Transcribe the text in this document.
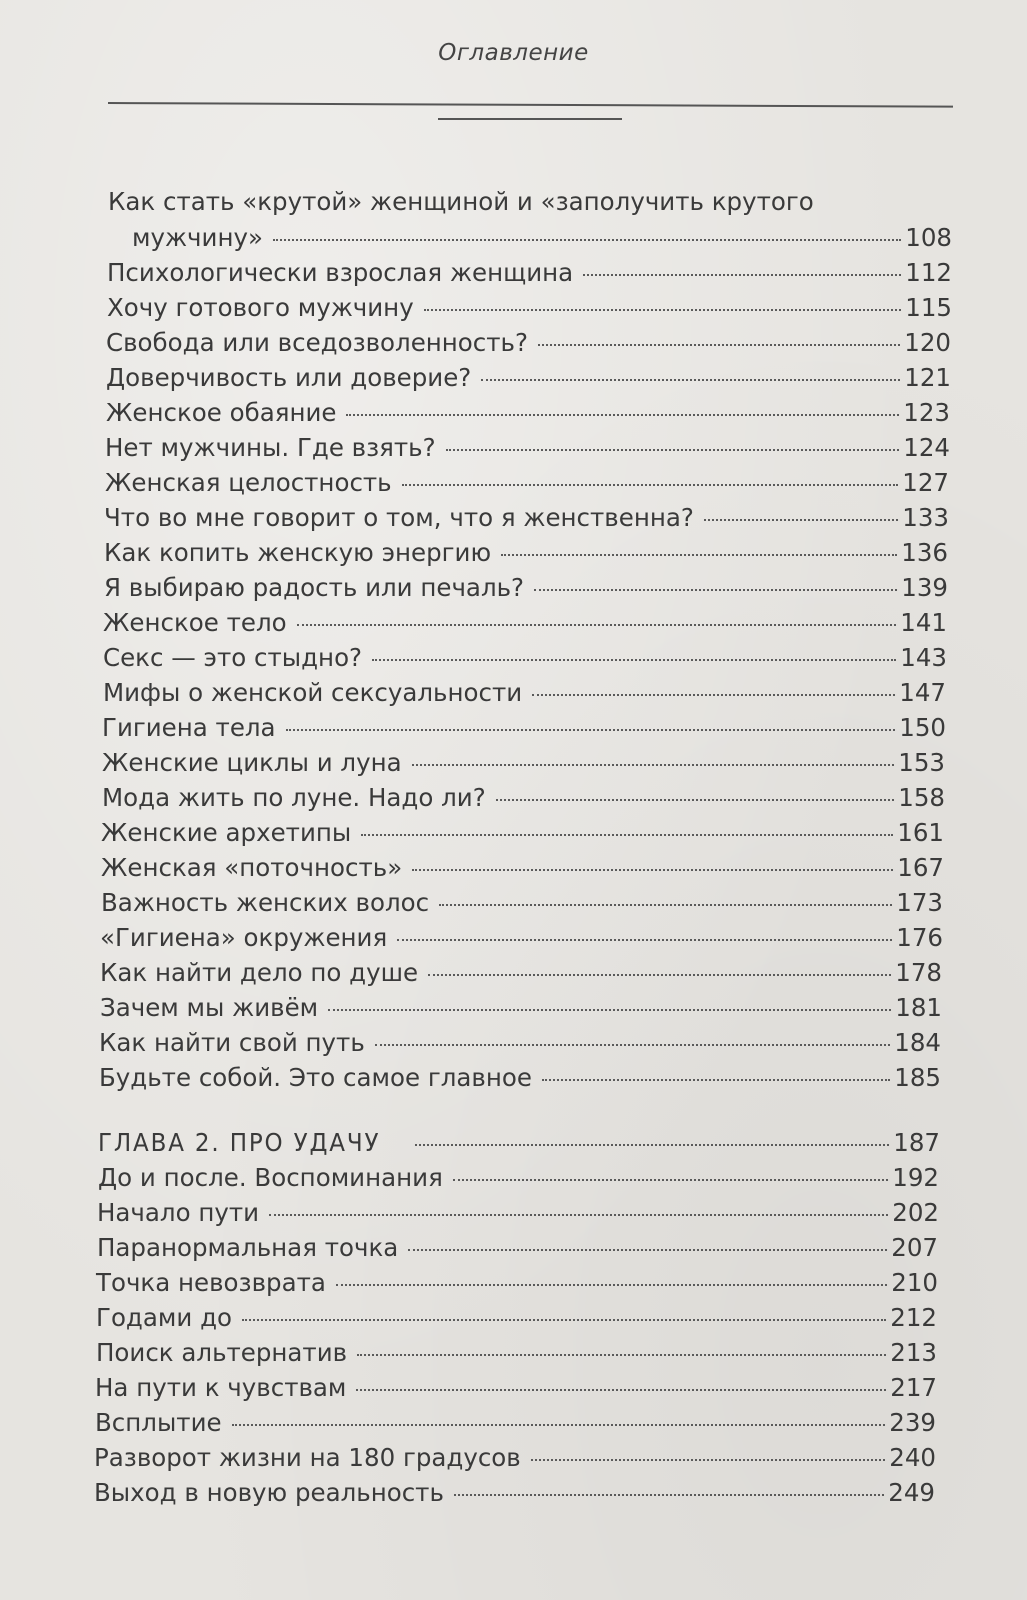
Оглавление
Как стать «крутой» женщиной и «заполучить крутого
мужчину»	108
Психологически взрослая женщина	112
Хочу готового мужчину	115
Свобода или вседозволенность?	120
Доверчивость или доверие?	121
Женское обаяние	123
Нет мужчины. Где взять?	124
Женская целостность	127
Что во мне говорит о том, что я женственна?	133
Как копить женскую энергию	136
Я выбираю радость или печаль?	139
Женское тело	141
Секс — это стыдно?	143
Мифы о женской сексуальности	147
Гигиена тела	150
Женские циклы и луна	153
Мода жить по луне. Надо ли?	158
Женские архетипы	161
Женская «поточность»	167
Важность женских волос	173
«Гигиена» окружения	176
Как найти дело по душе	178
Зачем мы живём	181
Как найти свой путь	184
Будьте собой. Это самое главное	185
ГЛАВА 2. ПРО УДАЧУ	187
До и после. Воспоминания	192
Начало пути	202
Паранормальная точка	207
Точка невозврата	210
Годами до	212
Поиск альтернатив	213
На пути к чувствам	217
Всплытие	239
Разворот жизни на 180 градусов	240
Выход в новую реальность	249
